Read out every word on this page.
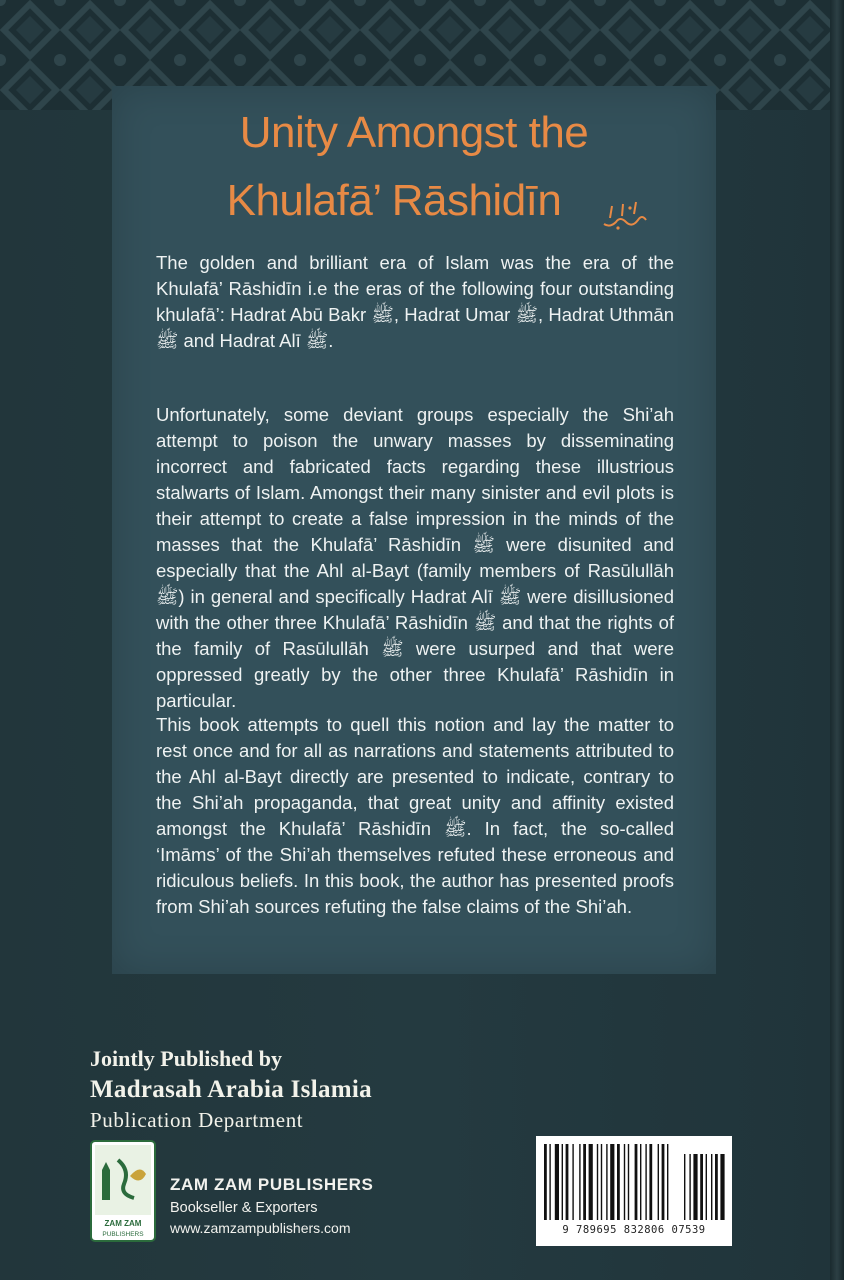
Unity Amongst the
Khulafā’ Rāshidīn

The golden and brilliant era of Islam was the era of the Khulafā’ Rāshidīn i.e the eras of the following four outstanding khulafā’: Hadrat Abū Bakr ﷺ, Hadrat Umar ﷺ, Hadrat Uthmān ﷺ and Hadrat Alī ﷺ.

Unfortunately, some deviant groups especially the Shi’ah attempt to poison the unwary masses by disseminating incorrect and fabricated facts regarding these illustrious stalwarts of Islam. Amongst their many sinister and evil plots is their attempt to create a false impression in the minds of the masses that the Khulafā’ Rāshidīn ﷺ were disunited and especially that the Ahl al-Bayt (family members of Rasūlullāh ﷺ) in general and specifically Hadrat Alī ﷺ were disillusioned with the other three Khulafā’ Rāshidīn ﷺ and that the rights of the family of Rasūlullāh ﷺ were usurped and that were oppressed greatly by the other three Khulafā’ Rāshidīn in particular.

This book attempts to quell this notion and lay the matter to rest once and for all as narrations and statements attributed to the Ahl al-Bayt directly are presented to indicate, contrary to the Shi’ah propaganda, that great unity and affinity existed amongst the Khulafā’ Rāshidīn ﷺ. In fact, the so-called ‘Imāms’ of the Shi’ah themselves refuted these erroneous and ridiculous beliefs. In this book, the author has presented proofs from Shi’ah sources refuting the false claims of the Shi’ah.

Jointly Published by

Madrasah Arabia Islamia

Publication Department

ZAM ZAM
PUBLISHERS

ZAM ZAM PUBLISHERS

Bookseller & Exporters

www.zamzampublishers.com	9 789695 832806 07539
